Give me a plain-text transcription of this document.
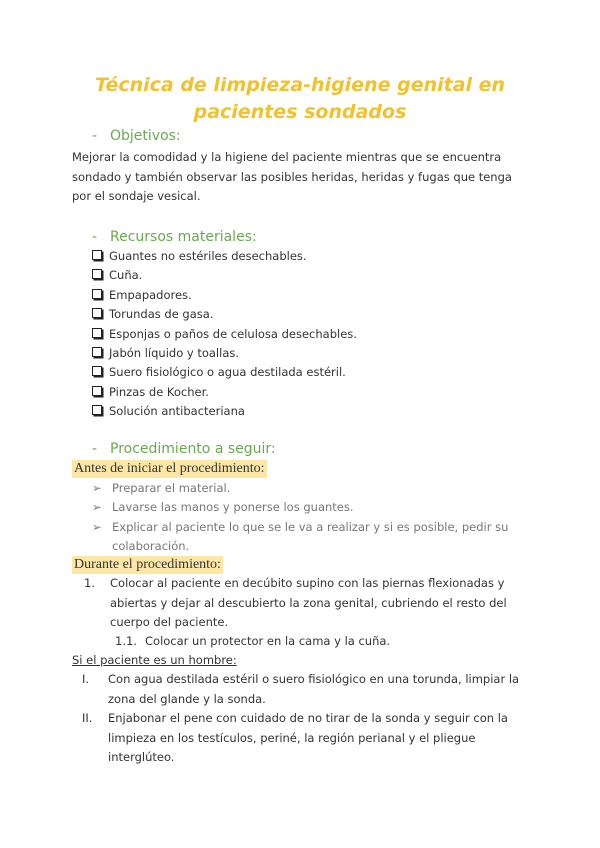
Técnica de limpieza-higiene genital en pacientes sondados
- Objetivos:
Mejorar la comodidad y la higiene del paciente mientras que se encuentra sondado y también observar las posibles heridas, heridas y fugas que tenga por el sondaje vesical.
- Recursos materiales:
Guantes no estériles desechables.
Cuña.
Empapadores.
Torundas de gasa.
Esponjas o paños de celulosa desechables.
Jabón líquido y toallas.
Suero fisiológico o agua destilada estéril.
Pinzas de Kocher.
Solución antibacteriana
- Procedimiento a seguir:
Antes de iniciar el procedimiento:
➢ Preparar el material.
➢ Lavarse las manos y ponerse los guantes.
➢ Explicar al paciente lo que se le va a realizar y si es posible, pedir su colaboración.
Durante el procedimiento:
1. Colocar al paciente en decúbito supino con las piernas flexionadas y abiertas y dejar al descubierto la zona genital, cubriendo el resto del cuerpo del paciente.
1.1. Colocar un protector en la cama y la cuña.
Si el paciente es un hombre:
I. Con agua destilada estéril o suero fisiológico en una torunda, limpiar la zona del glande y la sonda.
II. Enjabonar el pene con cuidado de no tirar de la sonda y seguir con la limpieza en los testículos, periné, la región perianal y el pliegue interglúteo.
